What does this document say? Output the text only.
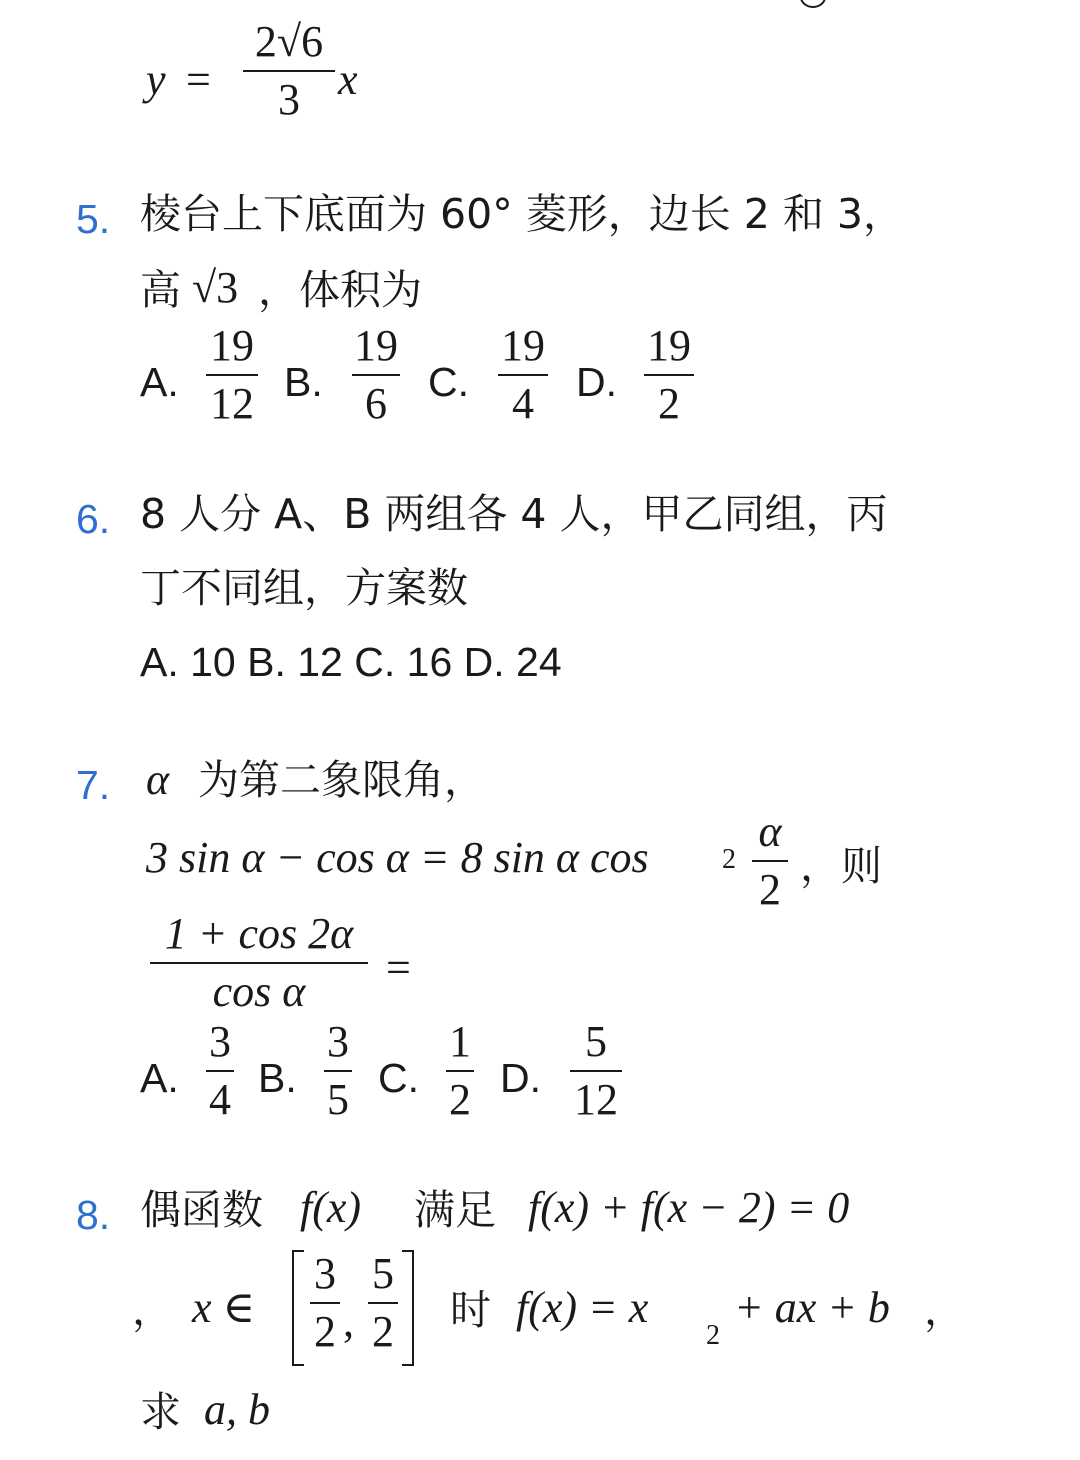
y =
2√6
3 x
5. 棱台上下底面为 60° 菱形，边长 2 和 3，
高 √3 ，体积为
A.
19
12 B.
19
6	C.
19
4	D.
19
2
6. 8 人分 A、B 两组各 4 人，甲乙同组，丙
丁不同组，方案数
A. 10 B. 12 C. 16 D. 24
7. α 为第二象限角，
3 sin α − cos α = 8 sin α cos	2
α
2 ，则
1 + cos 2α
cos α	=
A.
3
4 B.
3
5 C.
1
2 D.
5
12
8. 偶函数 f(x) 满足 f(x) + f(x − 2) = 0
， x ∈
3
2 ,
5
2 时 f(x) = x
2
+ ax + b ，
求 a, b
